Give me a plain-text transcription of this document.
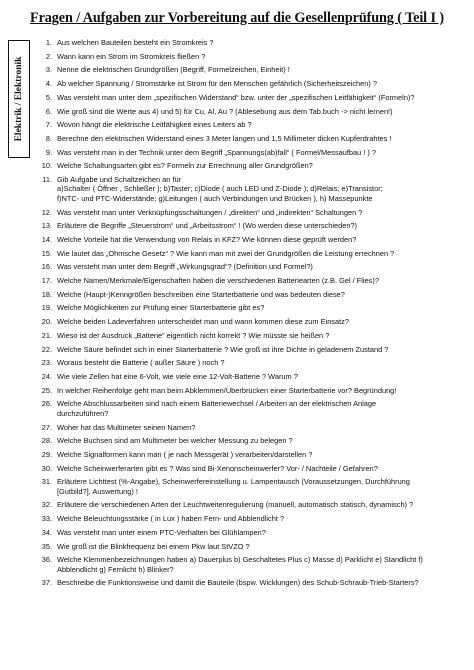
Fragen / Aufgaben zur Vorbereitung auf die Gesellenprüfung ( Teil I )
Elektrik / Elektronik
1. Aus welchen Bauteilen besteht ein Stromkreis ?
2. Wann kann ein Strom im Stromkreis fließen ?
3. Nenne die elektrischen Grundgrößen (Begriff, Formelzeichen, Einheit) !
4. Ab welcher Spannung / Stromstärke ist Strom für den Menschen gefährlich (Sicherheitszeichen) ?
5. Was versteht man unter dem „spezifischen Widerstand“ bzw. unter der „spezifischen Leitfähigkeit“ (Formeln)?
6. Wie groß sind die Werte aus 4) und 5) für Cu, Al, Au ? (Ablesebung aus dem Tab.buch -> nicht lernen!)
7. Wovon hängt die elektrische Leitfähigkeit eines Leiters ab ?
8. Berechne den elektrischen Widerstand eines 3 Meter langen und 1,5 Millimeter dicken Kupferdrahtes !
9. Was versteht man in der Technik unter dem Begriff „Spannungs(ab)fall“ ( Formel/Messaufbau ! ) ?
10. Welche Schaltungsarten gibt es? Formeln zur Errechnung aller Grundgrößen?
11. Gib Aufgabe und Schaltzeichen an für
a)Schalter ( Öffner , Schließer ); b)Taster; c)Diode ( auch LED und Z-Diode ); d)Relais; e)Transistor;
f)NTC- und PTC-Widerstände; g)Leitungen ( auch Verbindungen und Brücken ), h) Massepunkte
12. Was versteht man unter Verknüpfungsschaltungen / „direkten“ und „indirekten“ Schaltungen ?
13. Erläutere die Begriffe „Steuerstrom“ und „Arbeitsstrom“ ! (Wo werden diese unterschieden?)
14. Welche Vorteile hat die Verwendung von Relais in KFZ? Wie können diese geprüft werden?
15. Wie lautet das „Ohmsche Gesetz“ ? Wie kann man mit zwei der Grundgrößen die Leistung errechnen ?
16. Was versteht man unter dem Begriff „Wirkungsgrad“? (Definition und Formel?)
17. Welche Namen/Merkmale/Eigenschaften haben die verschiedenen Batteriearten (z.B. Gel / Flies)?
18. Welche (Haupt-)Kenngrößen beschreiben eine Starterbatterie und was bedeuten diese?
19. Welche Möglichkeiten zur Prüfung einer Starterbatterie gibt es?
20. Welche beiden Ladeverfahren unterscheidet man und wann kommen diese zum Einsatz?
21. Wieso ist der Ausdruck „Batterie“ eigentlich nicht korrekt ? Wie müsste sie heißen ?
22. Welche Säure befindet sich in einer Starterbatterie ? Wie groß ist ihre Dichte in geladenem Zustand ?
23. Woraus besteht die Batterie ( außer Säure ) noch ?
24. Wie viele Zellen hat eine 6-Volt, wie viele eine 12-Volt-Batterie ? Warum ?
25. In welcher Reihenfolge geht man beim Abklemmen/Überbrücken einer Starterbatterie vor? Begründung!
26. Welche Abschlussarbeiten sind nach einem Batteriewechsel / Arbeiten an der elektrischen Anlage
durchzuführen?
27. Woher hat das Multimeter seinen Namen?
28. Welche Buchsen sind am Multimeter bei welcher Messung zu belegen ?
29. Welche Signalformen kann man ( je nach Messgerät ) verarbeiten/darstellen ?
30. Welche Scheinwerferarten gibt es ? Was sind Bi-Xenonscheinwerfer? Vor- / Nachteile / Gefahren?
31. Erläutere Lichttest (%-Angabe), Scheinwerfereinstellung u. Lampentausch (Voraussetzungen, Durchführung
[Gutbild?], Auswertung) !
32. Erläutere die verschiedenen Arten der Leuchtweitenregulierung (manuell, automatisch statisch, dynamisch) ?
33. Welche Beleuchtungsstärke ( in Lux ) haben Fern- und Abblendlicht ?
34. Was versteht man unter einem PTC-Verhalten bei Glühlampen?
35. Wie groß ist die Blinkfrequenz bei einem Pkw laut StVZO ?
36. Welche Klemmenbezeichnungen haben a) Dauerplus b) Geschaltetes Plus c) Masse d) Parklicht e) Standlicht f)
Abblendlicht g) Fernlicht h) Blinker?
37. Beschreibe die Funktionsweise und damit die Bauteile (bspw. Wicklungen) des Schub-Schraub-Trieb-Starters?
